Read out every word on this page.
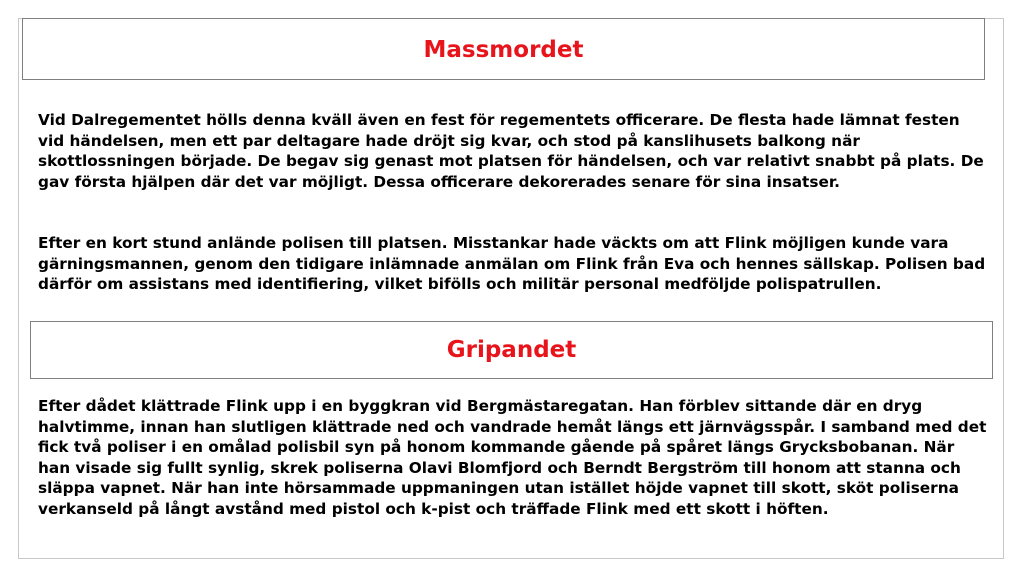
Massmordet

Vid Dalregementet hölls denna kväll även en fest för regementets officerare. De flesta hade lämnat festen vid händelsen, men ett par deltagare hade dröjt sig kvar, och stod på kanslihusets balkong när skottlossningen började. De begav sig genast mot platsen för händelsen, och var relativt snabbt på plats. De gav första hjälpen där det var möjligt. Dessa officerare dekorerades senare för sina insatser.

Efter en kort stund anlände polisen till platsen. Misstankar hade väckts om att Flink möjligen kunde vara gärningsmannen, genom den tidigare inlämnade anmälan om Flink från Eva och hennes sällskap. Polisen bad därför om assistans med identifiering, vilket bifölls och militär personal medföljde polispatrullen.

Gripandet

Efter dådet klättrade Flink upp i en byggkran vid Bergmästaregatan. Han förblev sittande där en dryg halvtimme, innan han slutligen klättrade ned och vandrade hemåt längs ett järnvägsspår. I samband med det fick två poliser i en omålad polisbil syn på honom kommande gående på spåret längs Grycksbobanan. När han visade sig fullt synlig, skrek poliserna Olavi Blomfjord och Berndt Bergström till honom att stanna och släppa vapnet. När han inte hörsammade uppmaningen utan istället höjde vapnet till skott, sköt poliserna verkanseld på långt avstånd med pistol och k-pist och träffade Flink med ett skott i höften.
